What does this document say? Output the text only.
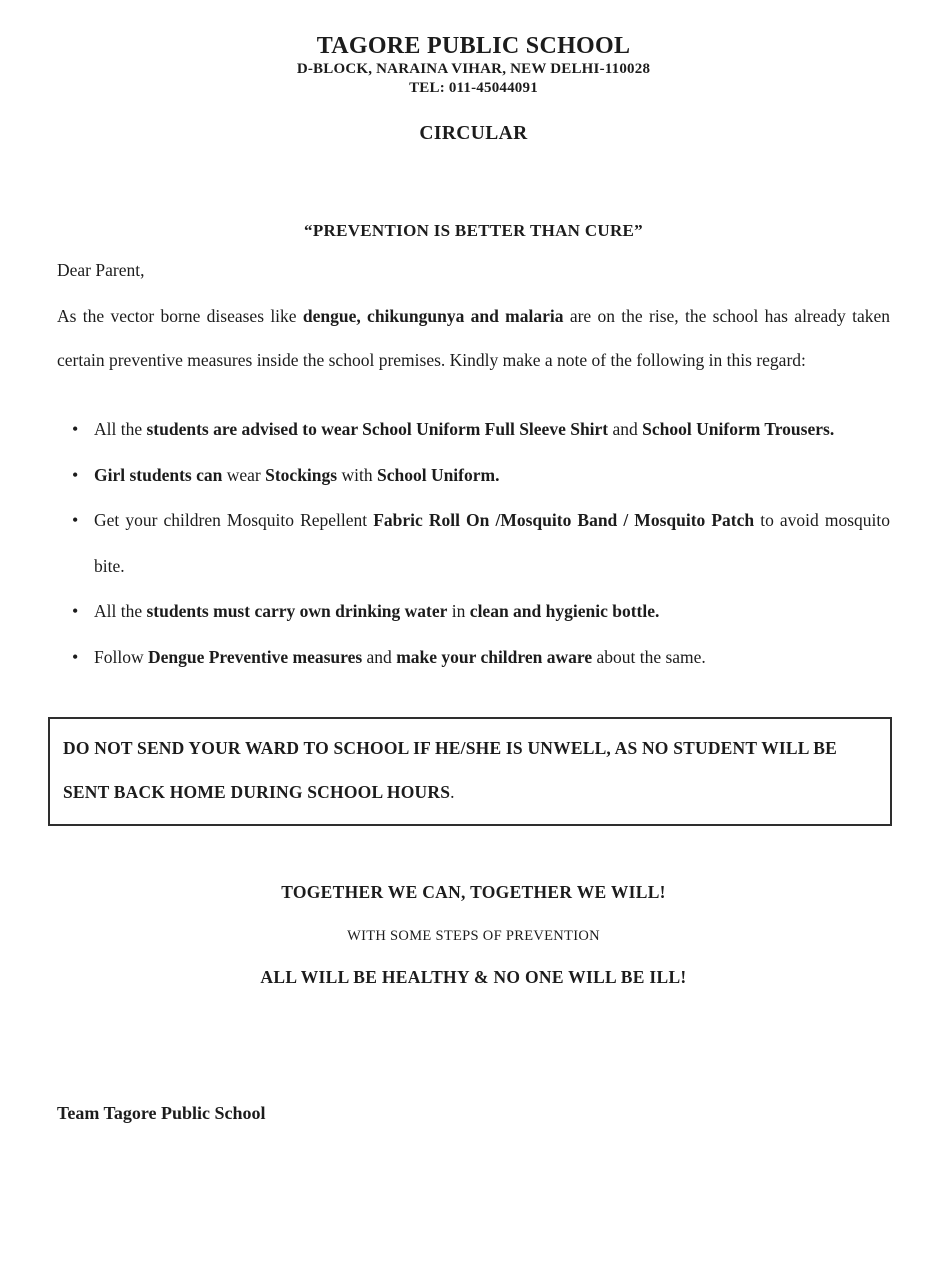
TAGORE PUBLIC SCHOOL
D-BLOCK, NARAINA VIHAR, NEW DELHI-110028
TEL: 011-45044091
CIRCULAR
“PREVENTION IS BETTER THAN CURE”

Dear Parent,

As the vector borne diseases like dengue, chikungunya and malaria are on the rise, the school has already taken certain preventive measures inside the school premises. Kindly make a note of the following in this regard:

• All the students are advised to wear School Uniform Full Sleeve Shirt and School Uniform Trousers.
• Girl students can wear Stockings with School Uniform.
• Get your children Mosquito Repellent Fabric Roll On /Mosquito Band / Mosquito Patch to avoid mosquito bite.
• All the students must carry own drinking water in clean and hygienic bottle.
• Follow Dengue Preventive measures and make your children aware about the same.
DO NOT SEND YOUR WARD TO SCHOOL IF HE/SHE IS UNWELL, AS NO STUDENT WILL BE SENT BACK HOME DURING SCHOOL HOURS.
TOGETHER WE CAN, TOGETHER WE WILL!
WITH SOME STEPS OF PREVENTION
ALL WILL BE HEALTHY & NO ONE WILL BE ILL!
Team Tagore Public School
